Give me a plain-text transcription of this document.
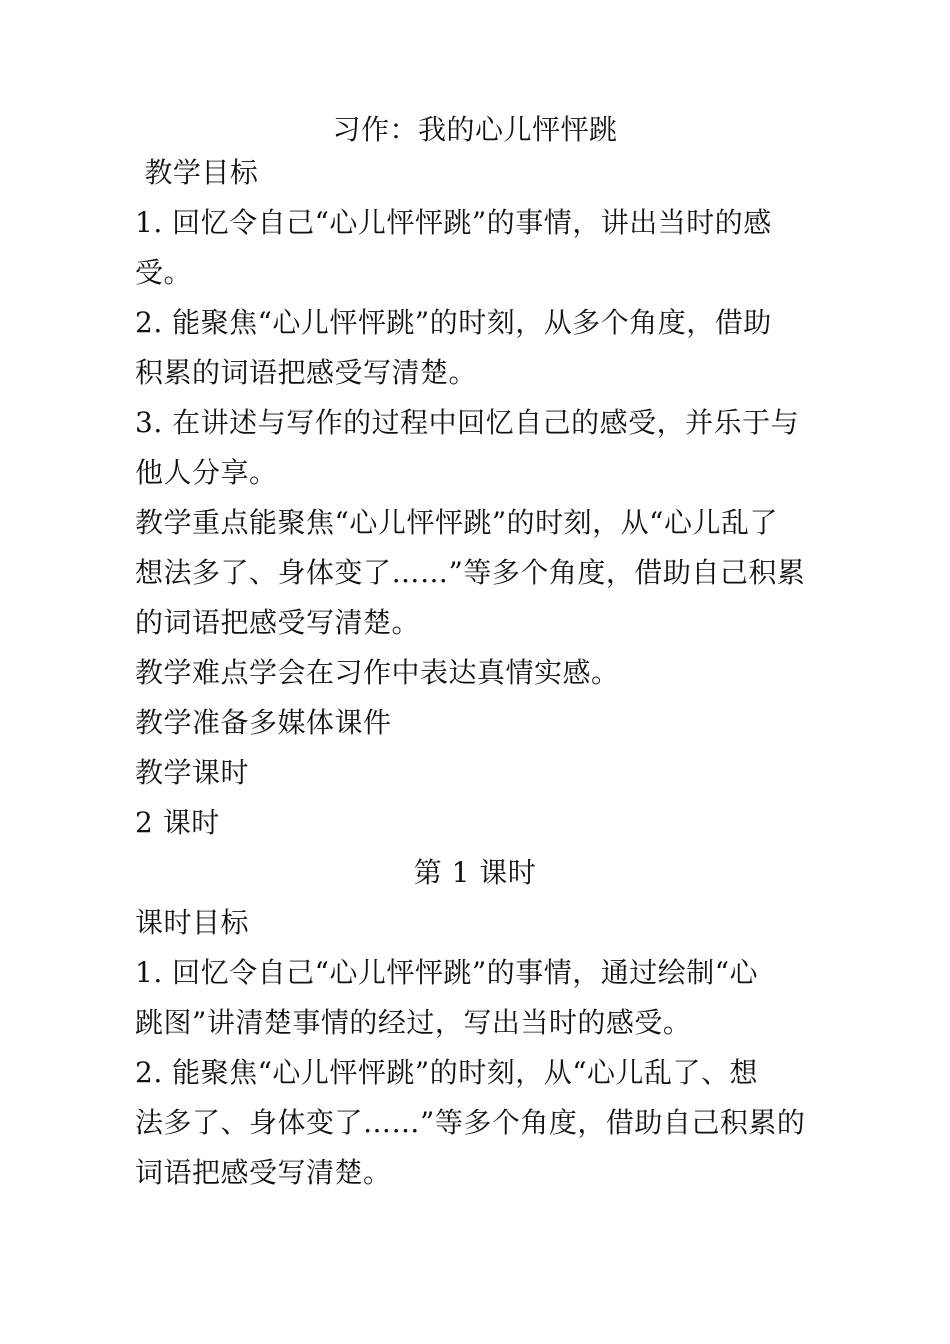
习作：我的心儿怦怦跳
教学目标
1. 回忆令自己“心儿怦怦跳”的事情，讲出当时的感
受。
2. 能聚焦“心儿怦怦跳”的时刻，从多个角度，借助
积累的词语把感受写清楚。
3. 在讲述与写作的过程中回忆自己的感受，并乐于与
他人分享。
教学重点能聚焦“心儿怦怦跳”的时刻，从“心儿乱了
想法多了、身体变了……”等多个角度，借助自己积累
的词语把感受写清楚。
教学难点学会在习作中表达真情实感。
教学准备多媒体课件
教学课时
2 课时
第 1 课时
课时目标
1. 回忆令自己“心儿怦怦跳”的事情，通过绘制“心
跳图”讲清楚事情的经过，写出当时的感受。
2. 能聚焦“心儿怦怦跳”的时刻，从“心儿乱了、想
法多了、身体变了……”等多个角度，借助自己积累的
词语把感受写清楚。
